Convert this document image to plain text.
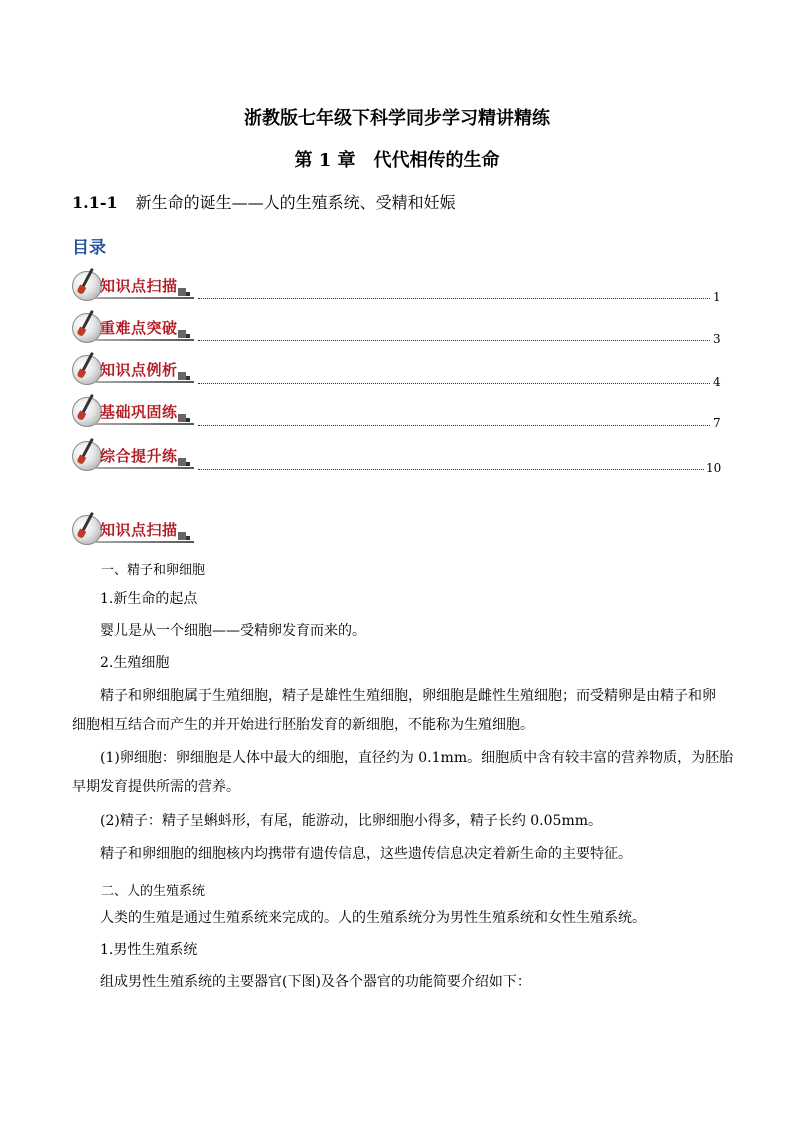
浙教版七年级下科学同步学习精讲精练
第 1 章　代代相传的生命
1.1-1 新生命的诞生——人的生殖系统、受精和妊娠
目录
知识点扫描
1
重难点突破
3
知识点例析
4
基础巩固练
7
综合提升练
10
知识点扫描
一、精子和卵细胞
1.新生命的起点
婴儿是从一个细胞——受精卵发育而来的。
2.生殖细胞
精子和卵细胞属于生殖细胞，精子是雄性生殖细胞，卵细胞是雌性生殖细胞；而受精卵是由精子和卵
细胞相互结合而产生的并开始进行胚胎发育的新细胞，不能称为生殖细胞。
(1)卵细胞：卵细胞是人体中最大的细胞，直径约为 0.1mm。细胞质中含有较丰富的营养物质，为胚胎
早期发育提供所需的营养。
(2)精子：精子呈蝌蚪形，有尾，能游动，比卵细胞小得多，精子长约 0.05mm。
精子和卵细胞的细胞核内均携带有遗传信息，这些遗传信息决定着新生命的主要特征。
二、人的生殖系统
人类的生殖是通过生殖系统来完成的。人的生殖系统分为男性生殖系统和女性生殖系统。
1.男性生殖系统
组成男性生殖系统的主要器官(下图)及各个器官的功能简要介绍如下：
